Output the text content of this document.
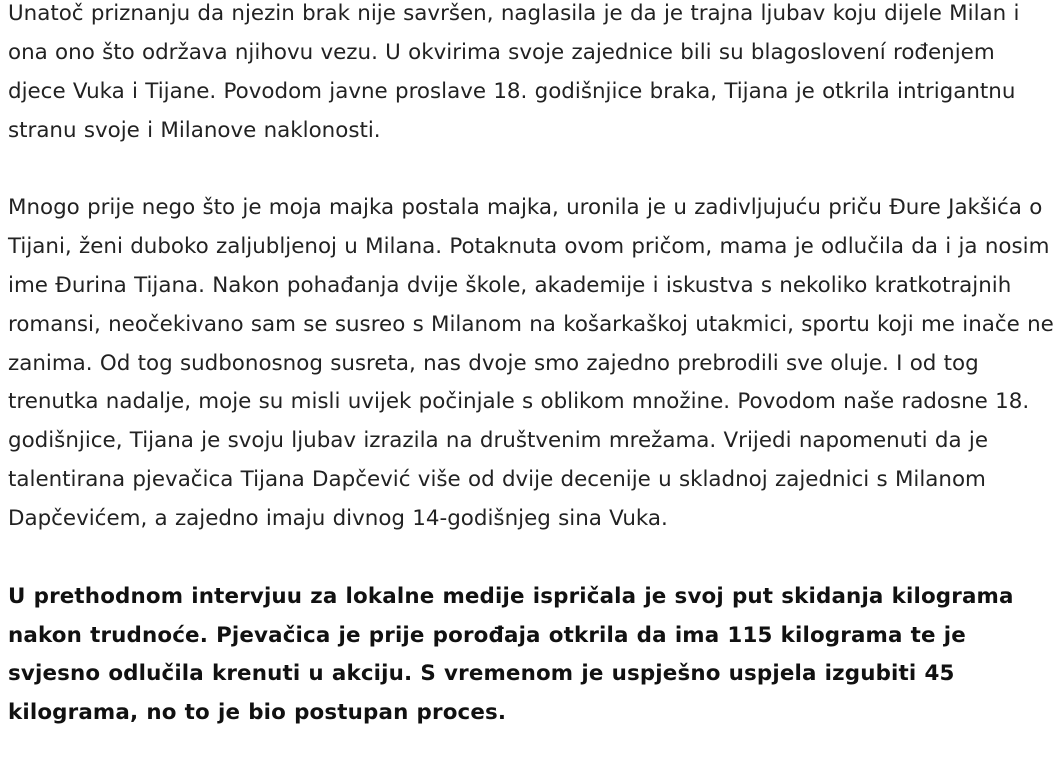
Unatoč priznanju da njezin brak nije savršen, naglasila je da je trajna ljubav koju dijele Milan i ona ono što održava njihovu vezu. U okvirima svoje zajednice bili su blagoslovení rođenjem djece Vuka i Tijane. Povodom javne proslave 18. godišnjice braka, Tijana je otkrila intrigantnu stranu svoje i Milanove naklonosti.

Mnogo prije nego što je moja majka postala majka, uronila je u zadivljujuću priču Đure Jakšića o Tijani, ženi duboko zaljubljenoj u Milana. Potaknuta ovom pričom, mama je odlučila da i ja nosim ime Đurina Tijana. Nakon pohađanja dvije škole, akademije i iskustva s nekoliko kratkotrajnih romansi, neočekivano sam se susreo s Milanom na košarkaškoj utakmici, sportu koji me inače ne zanima. Od tog sudbonosnog susreta, nas dvoje smo zajedno prebrodili sve oluje. I od tog trenutka nadalje, moje su misli uvijek počinjale s oblikom množine. Povodom naše radosne 18. godišnjice, Tijana je svoju ljubav izrazila na društvenim mrežama. Vrijedi napomenuti da je talentirana pjevačica Tijana Dapčević više od dvije decenije u skladnoj zajednici s Milanom Dapčevićem, a zajedno imaju divnog 14-godišnjeg sina Vuka.

U prethodnom intervjuu za lokalne medije ispričala je svoj put skidanja kilograma nakon trudnoće. Pjevačica je prije porođaja otkrila da ima 115 kilograma te je svjesno odlučila krenuti u akciju. S vremenom je uspješno uspjela izgubiti 45 kilograma, no to je bio postupan proces.
